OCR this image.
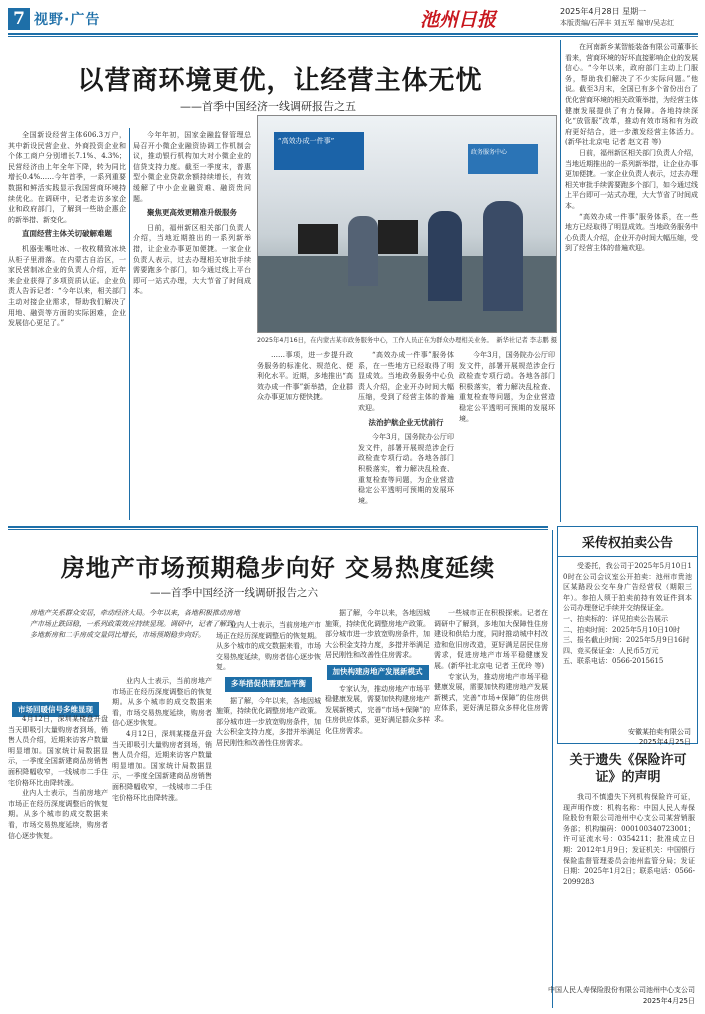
7 视野·广告	池州日报	2025年4月28日 星期一
本版责编/石萍丰 刘五军 编审/吴志红
以营商环境更优，让经营主体无忧
——首季中国经济一线调研报告之五

全国新设经营主体606.3万户，其中新设民营企业、外商投资企业和个体工商户分别增长7.1%、4.3%；民营经济由上年全年下降，转为同比增长0.4%……今年首季，一系列重要数据和鲜活实践显示我国营商环境持续优化。在调研中，记者走访多家企业和政府部门，了解到一些助企惠企的新举措、新变化。

直面经营主体关切破解难题

机器张嘴吐冰、一枚枚精致冰块从柜子里滑落。在内蒙古自治区，一家民营制冰企业的负责人介绍，近年来企业获得了多项资质认证。企业负责人告诉记者：“今年以来，相关部门主动对接企业需求，帮助我们解决了用地、融资等方面的实际困难，企业发展信心更足了。”

今年年初，国家金融监督管理总局召开小微企业融资协调工作机制会议，推动银行机构加大对小微企业的信贷支持力度。截至一季度末，普惠型小微企业贷款余额持续增长，有效缓解了中小企业融资难、融资贵问题。

聚焦更高效更精准升级服务

日前，福州新区相关部门负责人介绍，当地近期推出的一系列新举措，让企业办事更加便捷。一家企业负责人表示，过去办理相关审批手续需要跑多个部门，如今通过线上平台即可一站式办理，大大节省了时间成本。

“高效办成一件事”
政务服务中心
2025年4月16日，在内蒙古某市政务服务中心，工作人员正在为群众办理相关业务。 新华社记者 李志鹏 摄

……事项，进一步提升政务服务的标准化、规范化、便利化水平。近期，多地推出“高效办成一件事”新举措，企业群众办事更加方便快捷。

“高效办成一件事”服务体系，在一些地方已经取得了明显成效。当地政务服务中心负责人介绍，企业开办时间大幅压缩，受到了经营主体的普遍欢迎。

法治护航企业无忧前行

今年3月，国务院办公厅印发文件，部署开展规范涉企行政检查专项行动。各地各部门积极落实，着力解决乱检查、重复检查等问题，为企业营造稳定公平透明可预期的发展环境。

今年3月，国务院办公厅印发文件，部署开展规范涉企行政检查专项行动。各地各部门积极落实，着力解决乱检查、重复检查等问题，为企业营造稳定公平透明可预期的发展环境。

在河南新乡某智能装备有限公司董事长看来，营商环境的好坏直接影响企业的发展信心。“今年以来，政府部门主动上门服务，帮助我们解决了不少实际问题。”他说。截至3月末，全国已有多个省份出台了优化营商环境的相关政策举措，为经营主体健康发展提供了有力保障。各地持续深化“放管服”改革，推动有效市场和有为政府更好结合，进一步激发经营主体活力。(新华社北京电 记者 赵文君 等)

日前，福州新区相关部门负责人介绍，当地近期推出的一系列新举措，让企业办事更加便捷。一家企业负责人表示，过去办理相关审批手续需要跑多个部门，如今通过线上平台即可一站式办理，大大节省了时间成本。

“高效办成一件事”服务体系，在一些地方已经取得了明显成效。当地政务服务中心负责人介绍，企业开办时间大幅压缩，受到了经营主体的普遍欢迎。

房地产市场预期稳步向好 交易热度延续
——首季中国经济一线调研报告之六
房地产关系群众安居，牵动经济大局。今年以来，各地积极推动房地产市场止跌回稳，一系列政策效应持续显现。调研中，记者了解到，多地新房和二手房成交量同比增长，市场预期稳步向好。
市场回暖信号多维显现

4月12日，深圳某楼盘开盘当天即吸引大量购房者到场，销售人员介绍，近期来访客户数量明显增加。国家统计局数据显示，一季度全国新建商品房销售面积降幅收窄，一线城市二手住宅价格环比由降转涨。

业内人士表示，当前房地产市场正在经历深度调整后的恢复期。从多个城市的成交数据来看，市场交易热度延续，购房者信心逐步恢复。

业内人士表示，当前房地产市场正在经历深度调整后的恢复期。从多个城市的成交数据来看，市场交易热度延续，购房者信心逐步恢复。

4月12日，深圳某楼盘开盘当天即吸引大量购房者到场，销售人员介绍，近期来访客户数量明显增加。国家统计局数据显示，一季度全国新建商品房销售面积降幅收窄，一线城市二手住宅价格环比由降转涨。

业内人士表示，当前房地产市场正在经历深度调整后的恢复期。从多个城市的成交数据来看，市场交易热度延续，购房者信心逐步恢复。

多举措促供需更加平衡

据了解，今年以来，各地因城施策，持续优化调整房地产政策。部分城市进一步放宽购房条件，加大公积金支持力度，多措并举满足居民刚性和改善性住房需求。

据了解，今年以来，各地因城施策，持续优化调整房地产政策。部分城市进一步放宽购房条件，加大公积金支持力度，多措并举满足居民刚性和改善性住房需求。

加快构建房地产发展新模式

专家认为，推动房地产市场平稳健康发展，需要加快构建房地产发展新模式，完善“市场+保障”的住房供应体系，更好满足群众多样化住房需求。

一些城市正在积极探索。记者在调研中了解到，多地加大保障性住房建设和供给力度，同时推动城中村改造和危旧房改造，更好满足居民住房需求，促进房地产市场平稳健康发展。(新华社北京电 记者 王优玲 等)

专家认为，推动房地产市场平稳健康发展，需要加快构建房地产发展新模式，完善“市场+保障”的住房供应体系，更好满足群众多样化住房需求。

采传权拍卖公告

受委托，我公司于2025年5月10日10时在公司会议室公开拍卖：池州市贵池区某路段公交车身广告经营权（期限三年）。参拍人须于拍卖前持有效证件到本公司办理登记手续并交纳保证金。

一、拍卖标的：详见拍卖公告展示
二、拍卖时间：2025年5月10日10时
三、报名截止时间：2025年5月9日16时
四、竞买保证金：人民币5万元
五、联系电话：0566-2015615
安徽某拍卖有限公司
2025年4月25日
关于遗失《保险许可证》的声明

我司不慎遗失下列机构保险许可证，现声明作废：机构名称：中国人民人寿保险股份有限公司池州中心支公司某营销服务部；机构编码：000100340723001；许可证流水号：0354211；批准成立日期：2012年1月9日；发证机关：中国银行保险监督管理委员会池州监管分局；发证日期：2025年1月2日；联系电话：0566-2099283

中国人民人寿保险股份有限公司池州中心支公司
2025年4月25日
